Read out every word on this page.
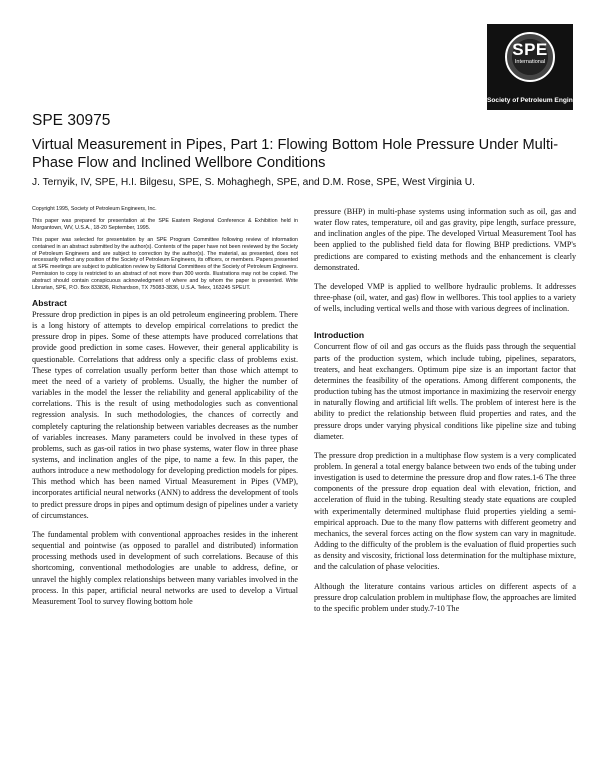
SPE
International
Society of Petroleum Engineers
SPE 30975
Virtual Measurement in Pipes, Part 1: Flowing Bottom Hole Pressure Under Multi-Phase Flow and Inclined Wellbore Conditions
J. Ternyik, IV, SPE, H.I. Bilgesu, SPE, S. Mohaghegh, SPE, and D.M. Rose, SPE, West Virginia U.

Copyright 1995, Society of Petroleum Engineers, Inc.

This paper was prepared for presentation at the SPE Eastern Regional Conference & Exhibition held in Morgantown, WV, U.S.A., 18-20 September, 1995.

This paper was selected for presentation by an SPE Program Committee following review of information contained in an abstract submitted by the author(s). Contents of the paper have not been reviewed by the Society of Petroleum Engineers and are subject to correction by the author(s). The material, as presented, does not necessarily reflect any position of the Society of Petroleum Engineers, its officers, or members. Papers presented at SPE meetings are subject to publication review by Editorial Committees of the Society of Petroleum Engineers. Permission to copy is restricted to an abstract of not more than 300 words. Illustrations may not be copied. The abstract should contain conspicuous acknowledgment of where and by whom the paper is presented. Write Librarian, SPE, P.O. Box 833836, Richardson, TX 75083-3836, U.S.A. Telex, 163245 SPEUT.

Abstract

Pressure drop prediction in pipes is an old petroleum engineering problem. There is a long history of attempts to develop empirical correlations to predict the pressure drop in pipes. Some of these attempts have produced correlations that provide good prediction in some cases. However, their general applicability is questionable. Correlations that address only a specific class of problems exist. These types of correlation usually perform better than those which attempt to meet the need of a variety of problems. Usually, the higher the number of variables in the model the lesser the reliability and general applicability of the correlations. This is the result of using methodologies such as conventional regression analysis. In such methodologies, the chances of correctly and completely capturing the relationship between variables decreases as the number of variables increases. Many parameters could be involved in these types of problems, such as gas-oil ratios in two phase systems, water flow in three phase systems, and inclination angles of the pipe, to name a few. In this paper, the authors introduce a new methodology for developing prediction models for pipes. This method which has been named Virtual Measurement in Pipes (VMP), incorporates artificial neural networks (ANN) to address the development of tools to predict pressure drops in pipes and optimum design of pipelines under a variety of circumstances.

The fundamental problem with conventional approaches resides in the inherent sequential and pointwise (as opposed to parallel and distributed) information processing methods used in development of such correlations. Because of this shortcoming, conventional methodologies are unable to address, define, or unravel the highly complex relationships between many variables involved in the process. In this paper, artificial neural networks are used to develop a Virtual Measurement Tool to survey flowing bottom hole

pressure (BHP) in multi-phase systems using information such as oil, gas and water flow rates, temperature, oil and gas gravity, pipe length, surface pressure, and inclination angles of the pipe. The developed Virtual Measurement Tool has been applied to the published field data for flowing BHP predictions. VMP's predictions are compared to existing methods and the enhancement is clearly demonstrated.

The developed VMP is applied to wellbore hydraulic problems. It addresses three-phase (oil, water, and gas) flow in wellbores. This tool applies to a variety of wells, including vertical wells and those with various degrees of inclination.

Introduction

Concurrent flow of oil and gas occurs as the fluids pass through the sequential parts of the production system, which include tubing, pipelines, separators, treaters, and heat exchangers. Optimum pipe size is an important factor that determines the feasibility of the operations. Among different components, the production tubing has the utmost importance in maximizing the reservoir energy in naturally flowing and artificial lift wells. The problem of interest here is the ability to predict the relationship between fluid properties and rates, and the pressure drops under varying physical conditions like pipeline size and tubing diameter.

The pressure drop prediction in a multiphase flow system is a very complicated problem. In general a total energy balance between two ends of the tubing under investigation is used to determine the pressure drop and flow rates.1-6 The three components of the pressure drop equation deal with elevation, friction, and acceleration of fluid in the tubing. Resulting steady state equations are coupled with experimentally determined multiphase fluid properties yielding a semi-empirical approach. Due to the many flow patterns with different geometry and mechanics, the several forces acting on the flow system can vary in magnitude. Adding to the difficulty of the problem is the evaluation of fluid properties such as density and viscosity, frictional loss determination for the multiphase mixture, and the calculation of phase velocities.

Although the literature contains various articles on different aspects of a pressure drop calculation problem in multiphase flow, the approaches are limited to the specific problem under study.7-10 The
